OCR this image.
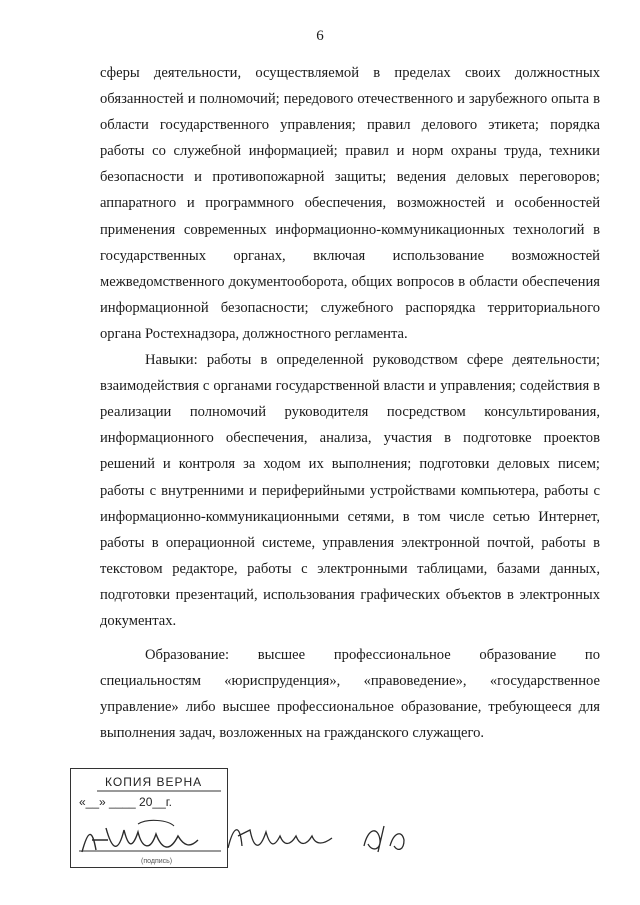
6

сферы деятельности, осуществляемой в пределах своих должностных обязанностей и полномочий; передового отечественного и зарубежного опыта в области государственного управления; правил делового этикета; порядка работы со служебной информацией; правил и норм охраны труда, техники безопасности и противопожарной защиты; ведения деловых переговоров; аппаратного и программного обеспечения, возможностей и особенностей применения современных информационно-коммуникационных технологий в государственных органах, включая использование возможностей межведомственного документооборота, общих вопросов в области обеспечения информационной безопасности; служебного распорядка территориального органа Ростехнадзора, должностного регламента.

Навыки: работы в определенной руководством сфере деятельности; взаимодействия с органами государственной власти и управления; содействия в реализации полномочий руководителя посредством консультирования, информационного обеспечения, анализа, участия в подготовке проектов решений и контроля за ходом их выполнения; подготовки деловых писем; работы с внутренними и периферийными устройствами компьютера, работы с информационно-коммуникационными сетями, в том числе сетью Интернет, работы в операционной системе, управления электронной почтой, работы в текстовом редакторе, работы с электронными таблицами, базами данных, подготовки презентаций, использования графических объектов в электронных документах.

Образование: высшее профессиональное образование по специальностям «юриспруденция», «правоведение», «государственное управление» либо высшее профессиональное образование, требующееся для выполнения задач, возложенных на гражданского служащего.

КОПИЯ ВЕРНА
«__» ____ 20__г.
(подпись)
